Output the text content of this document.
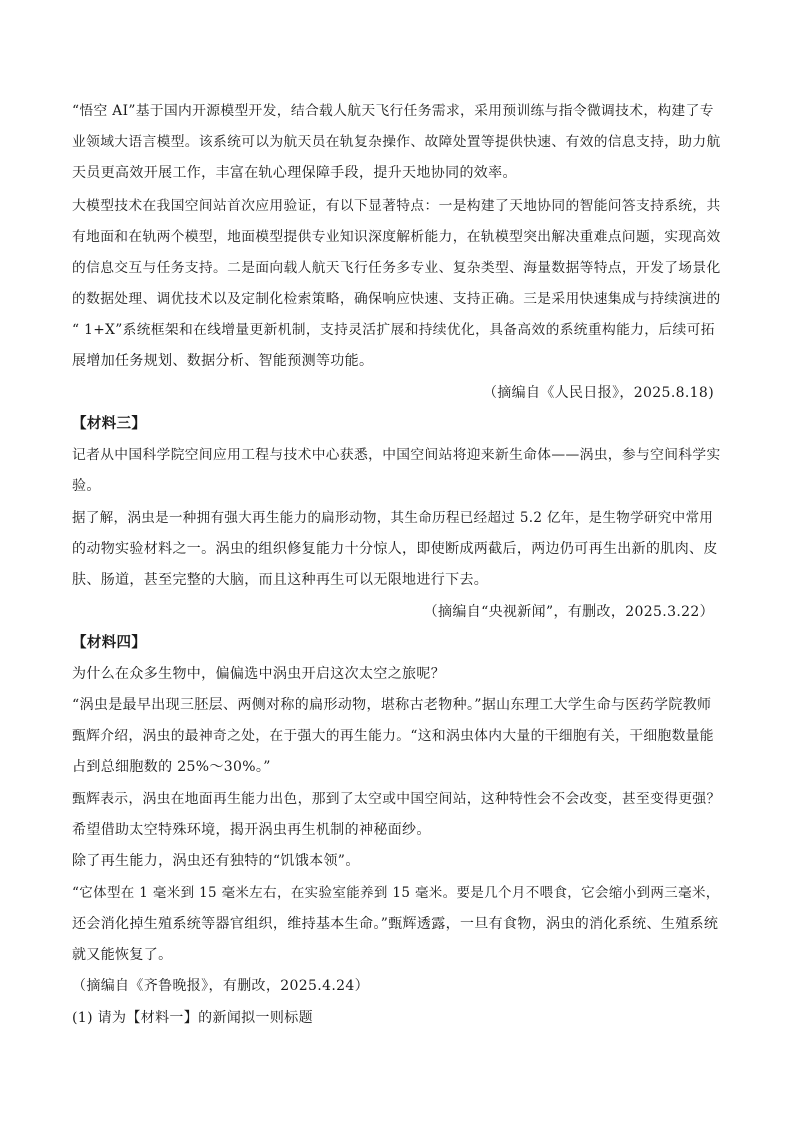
“悟空 AI”基于国内开源模型开发，结合载人航天飞行任务需求，采用预训练与指令微调技术，构建了专
业领域大语言模型。该系统可以为航天员在轨复杂操作、故障处置等提供快速、有效的信息支持，助力航
天员更高效开展工作，丰富在轨心理保障手段，提升天地协同的效率。
大模型技术在我国空间站首次应用验证，有以下显著特点：一是构建了天地协同的智能问答支持系统，共
有地面和在轨两个模型，地面模型提供专业知识深度解析能力，在轨模型突出解决重难点问题，实现高效
的信息交互与任务支持。二是面向载人航天飞行任务多专业、复杂类型、海量数据等特点，开发了场景化
的数据处理、调优技术以及定制化检索策略，确保响应快速、支持正确。三是采用快速集成与持续演进的
“ 1+X”系统框架和在线增量更新机制，支持灵活扩展和持续优化，具备高效的系统重构能力，后续可拓
展增加任务规划、数据分析、智能预测等功能。
（摘编自《人民日报》，2025.8.18)
【材料三】
记者从中国科学院空间应用工程与技术中心获悉，中国空间站将迎来新生命体——涡虫，参与空间科学实
验。
据了解，涡虫是一种拥有强大再生能力的扁形动物，其生命历程已经超过 5.2 亿年，是生物学研究中常用
的动物实验材料之一。涡虫的组织修复能力十分惊人，即使断成两截后，两边仍可再生出新的肌肉、皮
肤、肠道，甚至完整的大脑，而且这种再生可以无限地进行下去。
（摘编自“央视新闻”，有删改，2025.3.22）
【材料四】
为什么在众多生物中，偏偏选中涡虫开启这次太空之旅呢？
“涡虫是最早出现三胚层、两侧对称的扁形动物，堪称古老物种。”据山东理工大学生命与医药学院教师
甄辉介绍，涡虫的最神奇之处，在于强大的再生能力。“这和涡虫体内大量的干细胞有关，干细胞数量能
占到总细胞数的 25%～30%。”
甄辉表示，涡虫在地面再生能力出色，那到了太空或中国空间站，这种特性会不会改变，甚至变得更强？
希望借助太空特殊环境，揭开涡虫再生机制的神秘面纱。
除了再生能力，涡虫还有独特的“饥饿本领”。
“它体型在 1 毫米到 15 毫米左右，在实验室能养到 15 毫米。要是几个月不喂食，它会缩小到两三毫米，
还会消化掉生殖系统等器官组织，维持基本生命。”甄辉透露，一旦有食物，涡虫的消化系统、生殖系统
就又能恢复了。
（摘编自《齐鲁晚报》，有删改，2025.4.24）
(1) 请为【材料一】的新闻拟一则标题
